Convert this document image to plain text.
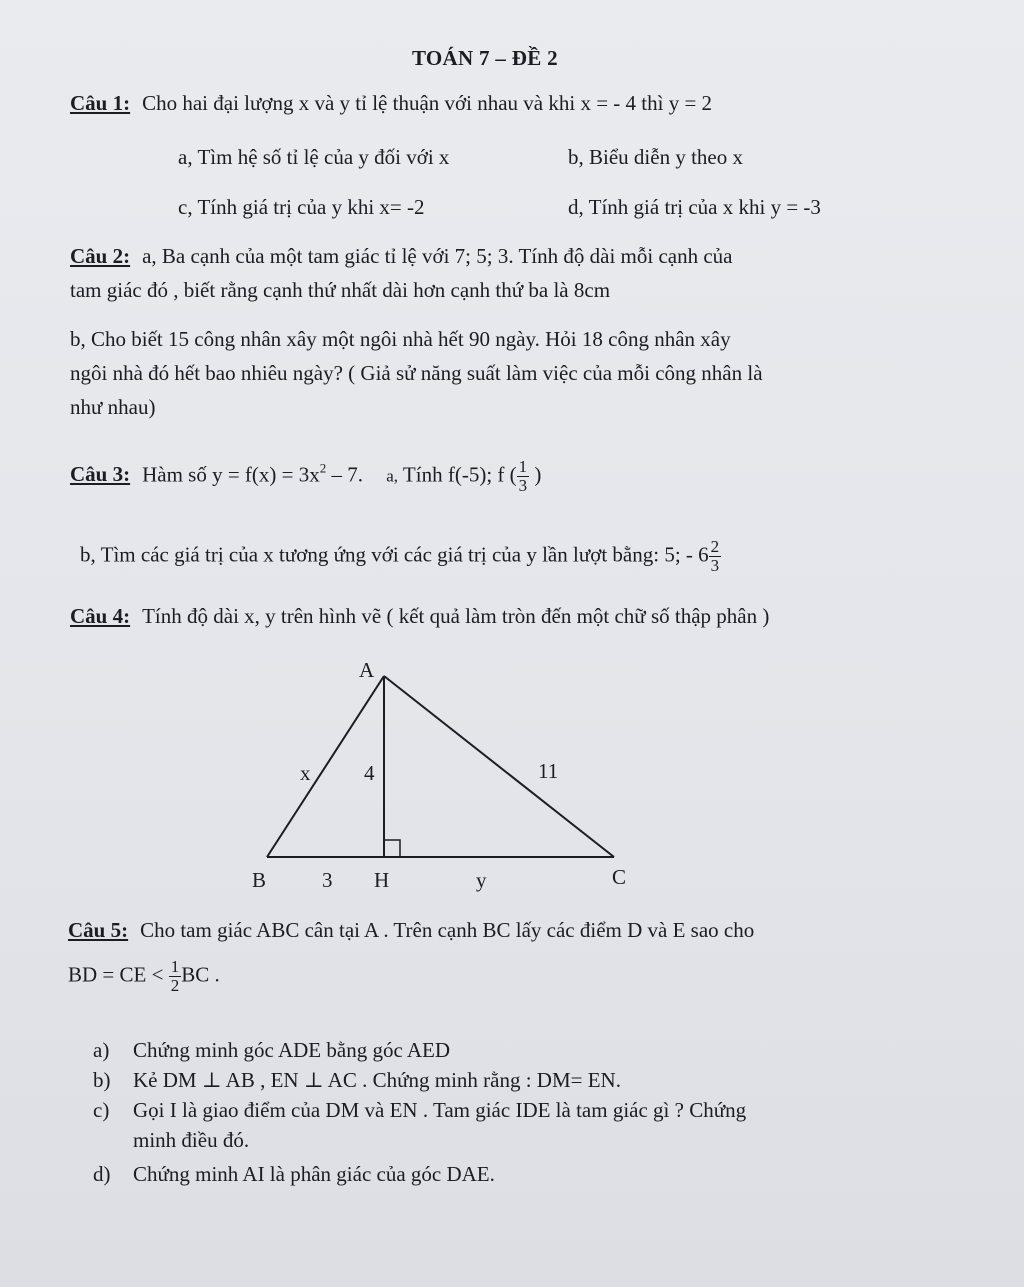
TOÁN 7 – ĐỀ 2
Câu 1: Cho hai đại lượng x và y tỉ lệ thuận với nhau và khi x = - 4 thì y = 2
a, Tìm hệ số tỉ lệ của y đối với x	b, Biểu diễn y theo x
c, Tính giá trị của y khi x= -2	d, Tính giá trị của x khi y = -3
Câu 2: a, Ba cạnh của một tam giác tỉ lệ với 7; 5; 3. Tính độ dài mỗi cạnh của
tam giác đó , biết rằng cạnh thứ nhất dài hơn cạnh thứ ba là 8cm
b, Cho biết 15 công nhân xây một ngôi nhà hết 90 ngày. Hỏi 18 công nhân xây
ngôi nhà đó hết bao nhiêu ngày? ( Giả sử năng suất làm việc của mỗi công nhân là
như nhau)
Câu 3: Hàm số $y = f(x) = 3x^2 - 7$. a, Tính f(-5); f ( $\frac{1}{3}$ )
b, Tìm các giá trị của x tương ứng với các giá trị của y lần lượt bằng: 5; - $6 \frac{2}{3}$
Câu 4: Tính độ dài x, y trên hình vẽ ( kết quả làm tròn đến một chữ số thập phân )
A
B	C
H
x	4	11
3	y
Câu 5: Cho tam giác ABC cân tại A . Trên cạnh BC lấy các điểm D và E sao cho
BD = CE < $\frac{1}{2}$ BC .
a) Chứng minh góc ADE bằng góc AED
b) Kẻ DM ⊥ AB , EN ⊥ AC . Chứng minh rằng : DM= EN.
c) Gọi I là giao điểm của DM và EN . Tam giác IDE là tam giác gì ? Chứng
minh điều đó.
d) Chứng minh AI là phân giác của góc DAE.
